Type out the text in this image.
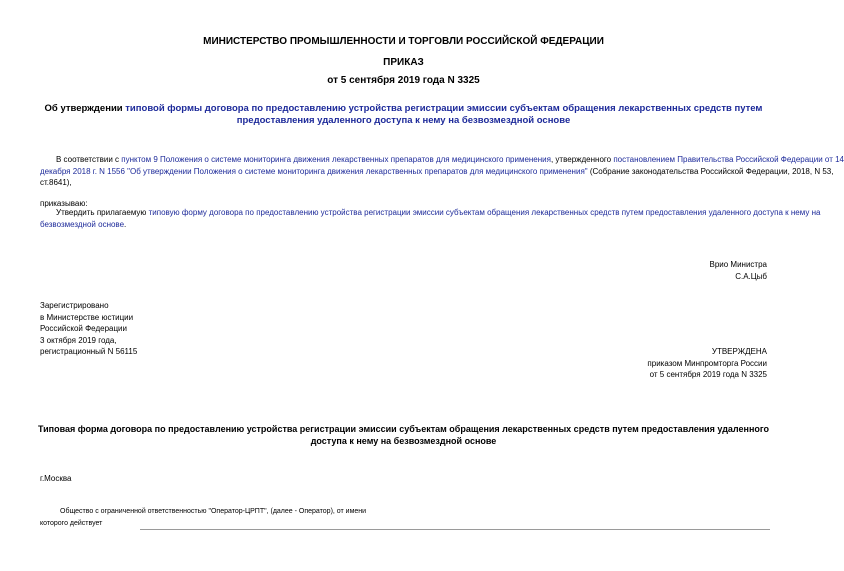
МИНИСТЕРСТВО ПРОМЫШЛЕННОСТИ И ТОРГОВЛИ РОССИЙСКОЙ ФЕДЕРАЦИИ
ПРИКАЗ
от 5 сентября 2019 года N 3325
Об утверждении типовой формы договора по предоставлению устройства регистрации эмиссии субъектам обращения лекарственных средств путем
предоставления удаленного доступа к нему на безвозмездной основе
В соответствии с пунктом 9 Положения о системе мониторинга движения лекарственных препаратов для медицинского применения, утвержденного постановлением Правительства Российской Федерации от 14
декабря 2018 г. N 1556 "Об утверждении Положения о системе мониторинга движения лекарственных препаратов для медицинского применения" (Собрание законодательства Российской Федерации, 2018, N 53,
ст.8641),
приказываю:
Утвердить прилагаемую типовую форму договора по предоставлению устройства регистрации эмиссии субъектам обращения лекарственных средств путем предоставления удаленного доступа к нему на
безвозмездной основе.
Врио Министра
С.А.Цыб
Зарегистрировано
в Министерстве юстиции
Российской Федерации
3 октября 2019 года,
регистрационный N 56115	УТВЕРЖДЕНА
приказом Минпромторга России
от 5 сентября 2019 года N 3325
Типовая форма договора по предоставлению устройства регистрации эмиссии субъектам обращения лекарственных средств путем предоставления удаленного
доступа к нему на безвозмездной основе
г.Москва
Общество с ограниченной ответственностью "Оператор-ЦРПТ", (далее - Оператор), от имени
которого действует
